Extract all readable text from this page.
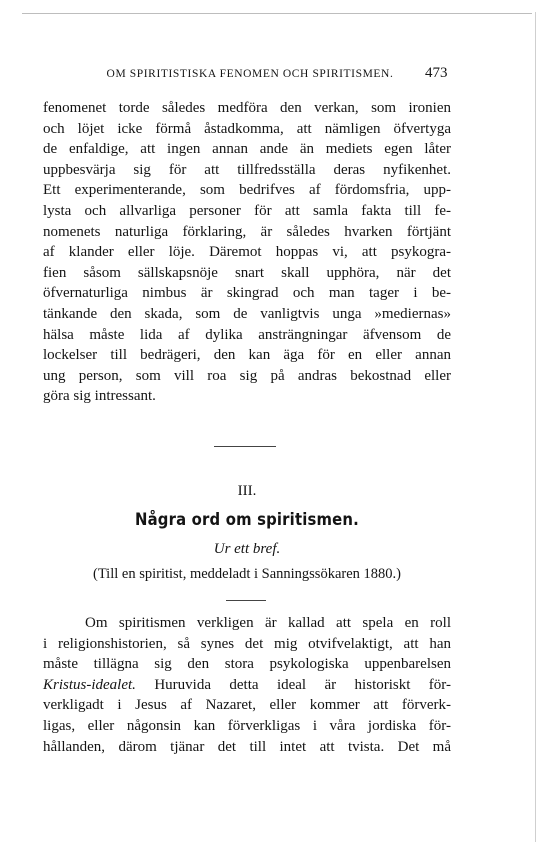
OM SPIRITISTISKA FENOMEN OCH SPIRITISMEN.	473
fenomenet torde således medföra den verkan, som ironien
och löjet icke förmå åstadkomma, att nämligen öfvertyga
de enfaldige, att ingen annan ande än mediets egen låter
uppbesvärja sig för att tillfredsställa deras nyfikenhet.
Ett experimenterande, som bedrifves af fördomsfria, upp-
lysta och allvarliga personer för att samla fakta till fe-
nomenets naturliga förklaring, är således hvarken förtjänt
af klander eller löje. Däremot hoppas vi, att psykogra-
fien såsom sällskapsnöje snart skall upphöra, när det
öfvernaturliga nimbus är skingrad och man tager i be-
tänkande den skada, som de vanligtvis unga »mediernas»
hälsa måste lida af dylika ansträngningar äfvensom de
lockelser till bedrägeri, den kan äga för en eller annan
ung person, som vill roa sig på andras bekostnad eller
göra sig intressant.
III.
Några ord om spiritismen.
Ur ett bref.
(Till en spiritist, meddeladt i Sanningssökaren 1880.)
Om spiritismen verkligen är kallad att spela en roll
i religionshistorien, så synes det mig otvifvelaktigt, att han
måste tillägna sig den stora psykologiska uppenbarelsen
Kristus-idealet. Huruvida detta ideal är historiskt för-
verkligadt i Jesus af Nazaret, eller kommer att förverk-
ligas, eller någonsin kan förverkligas i våra jordiska för-
hållanden, därom tjänar det till intet att tvista. Det må
